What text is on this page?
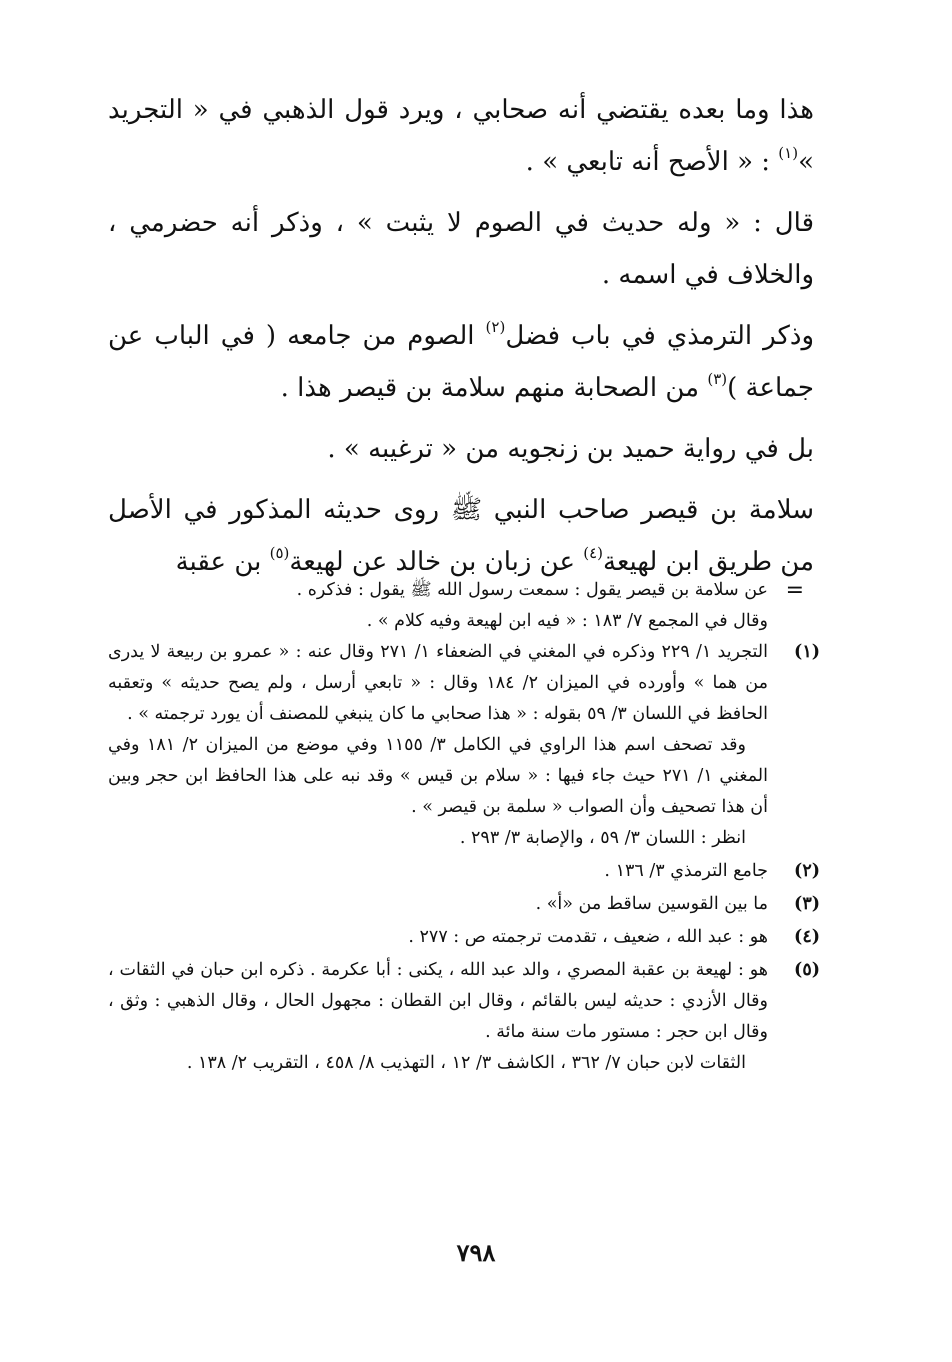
هذا وما بعده يقتضي أنه صحابي ، ويرد قول الذهبي في « التجريد »$^{(١)}$ : « الأصح أنه تابعي » .

قال : « وله حديث في الصوم لا يثبت » ، وذكر أنه حضرمي ، والخلاف في اسمه .

وذكر الترمذي في باب فضل$^{(٢)}$ الصوم من جامعه ( في الباب عن جماعة )$^{(٣)}$ من الصحابة منهم سلامة بن قيصر هذا .

بل في رواية حميد بن زنجويه من « ترغيبه » .

سلامة بن قيصر صاحب النبي ﷺ روى حديثه المذكور في الأصل من طريق ابن لهيعة$^{(٤)}$ عن زبان بن خالد عن لهيعة$^{(٥)}$ بن عقبة

=
عن سلامة بن قيصر يقول : سمعت رسول الله ﷺ يقول : فذكره .
وقال في المجمع ٧/ ١٨٣ : « فيه ابن لهيعة وفيه كلام » .
(١)

التجريد ١/ ٢٢٩ وذكره في المغني في الضعفاء ١/ ٢٧١ وقال عنه : « عمرو بن ربيعة لا يدرى من هما » وأورده في الميزان ٢/ ١٨٤ وقال : « تابعي أرسل ، ولم يصح حديثه » وتعقبه الحافظ في اللسان ٣/ ٥٩ بقوله : « هذا صحابي ما كان ينبغي للمصنف أن يورد ترجمته » .

وقد تصحف اسم هذا الراوي في الكامل ٣/ ١١٥٥ وفي موضع من الميزان ٢/ ١٨١ وفي المغني ١/ ٢٧١ حيث جاء فيها : « سلام بن قيس » وقد نبه على هذا الحافظ ابن حجر وبين أن هذا تصحيف وأن الصواب « سلمة بن قيصر » .

انظر : اللسان ٣/ ٥٩ ، والإصابة ٣/ ٢٩٣ .

(٢)

جامع الترمذي ٣/ ١٣٦ .

(٣)

ما بين القوسين ساقط من «أ» .

(٤)

هو : عبد الله ، ضعيف ، تقدمت ترجمته ص : ٢٧٧ .

(٥)

هو : لهيعة بن عقبة المصري ، والد عبد الله ، يكنى : أبا عكرمة . ذكره ابن حبان في الثقات ، وقال الأزدي : حديثه ليس بالقائم ، وقال ابن القطان : مجهول الحال ، وقال الذهبي : وثق ، وقال ابن حجر : مستور مات سنة مائة .

الثقات لابن حبان ٧/ ٣٦٢ ، الكاشف ٣/ ١٢ ، التهذيب ٨/ ٤٥٨ ، التقريب ٢/ ١٣٨ .

٧٩٨
